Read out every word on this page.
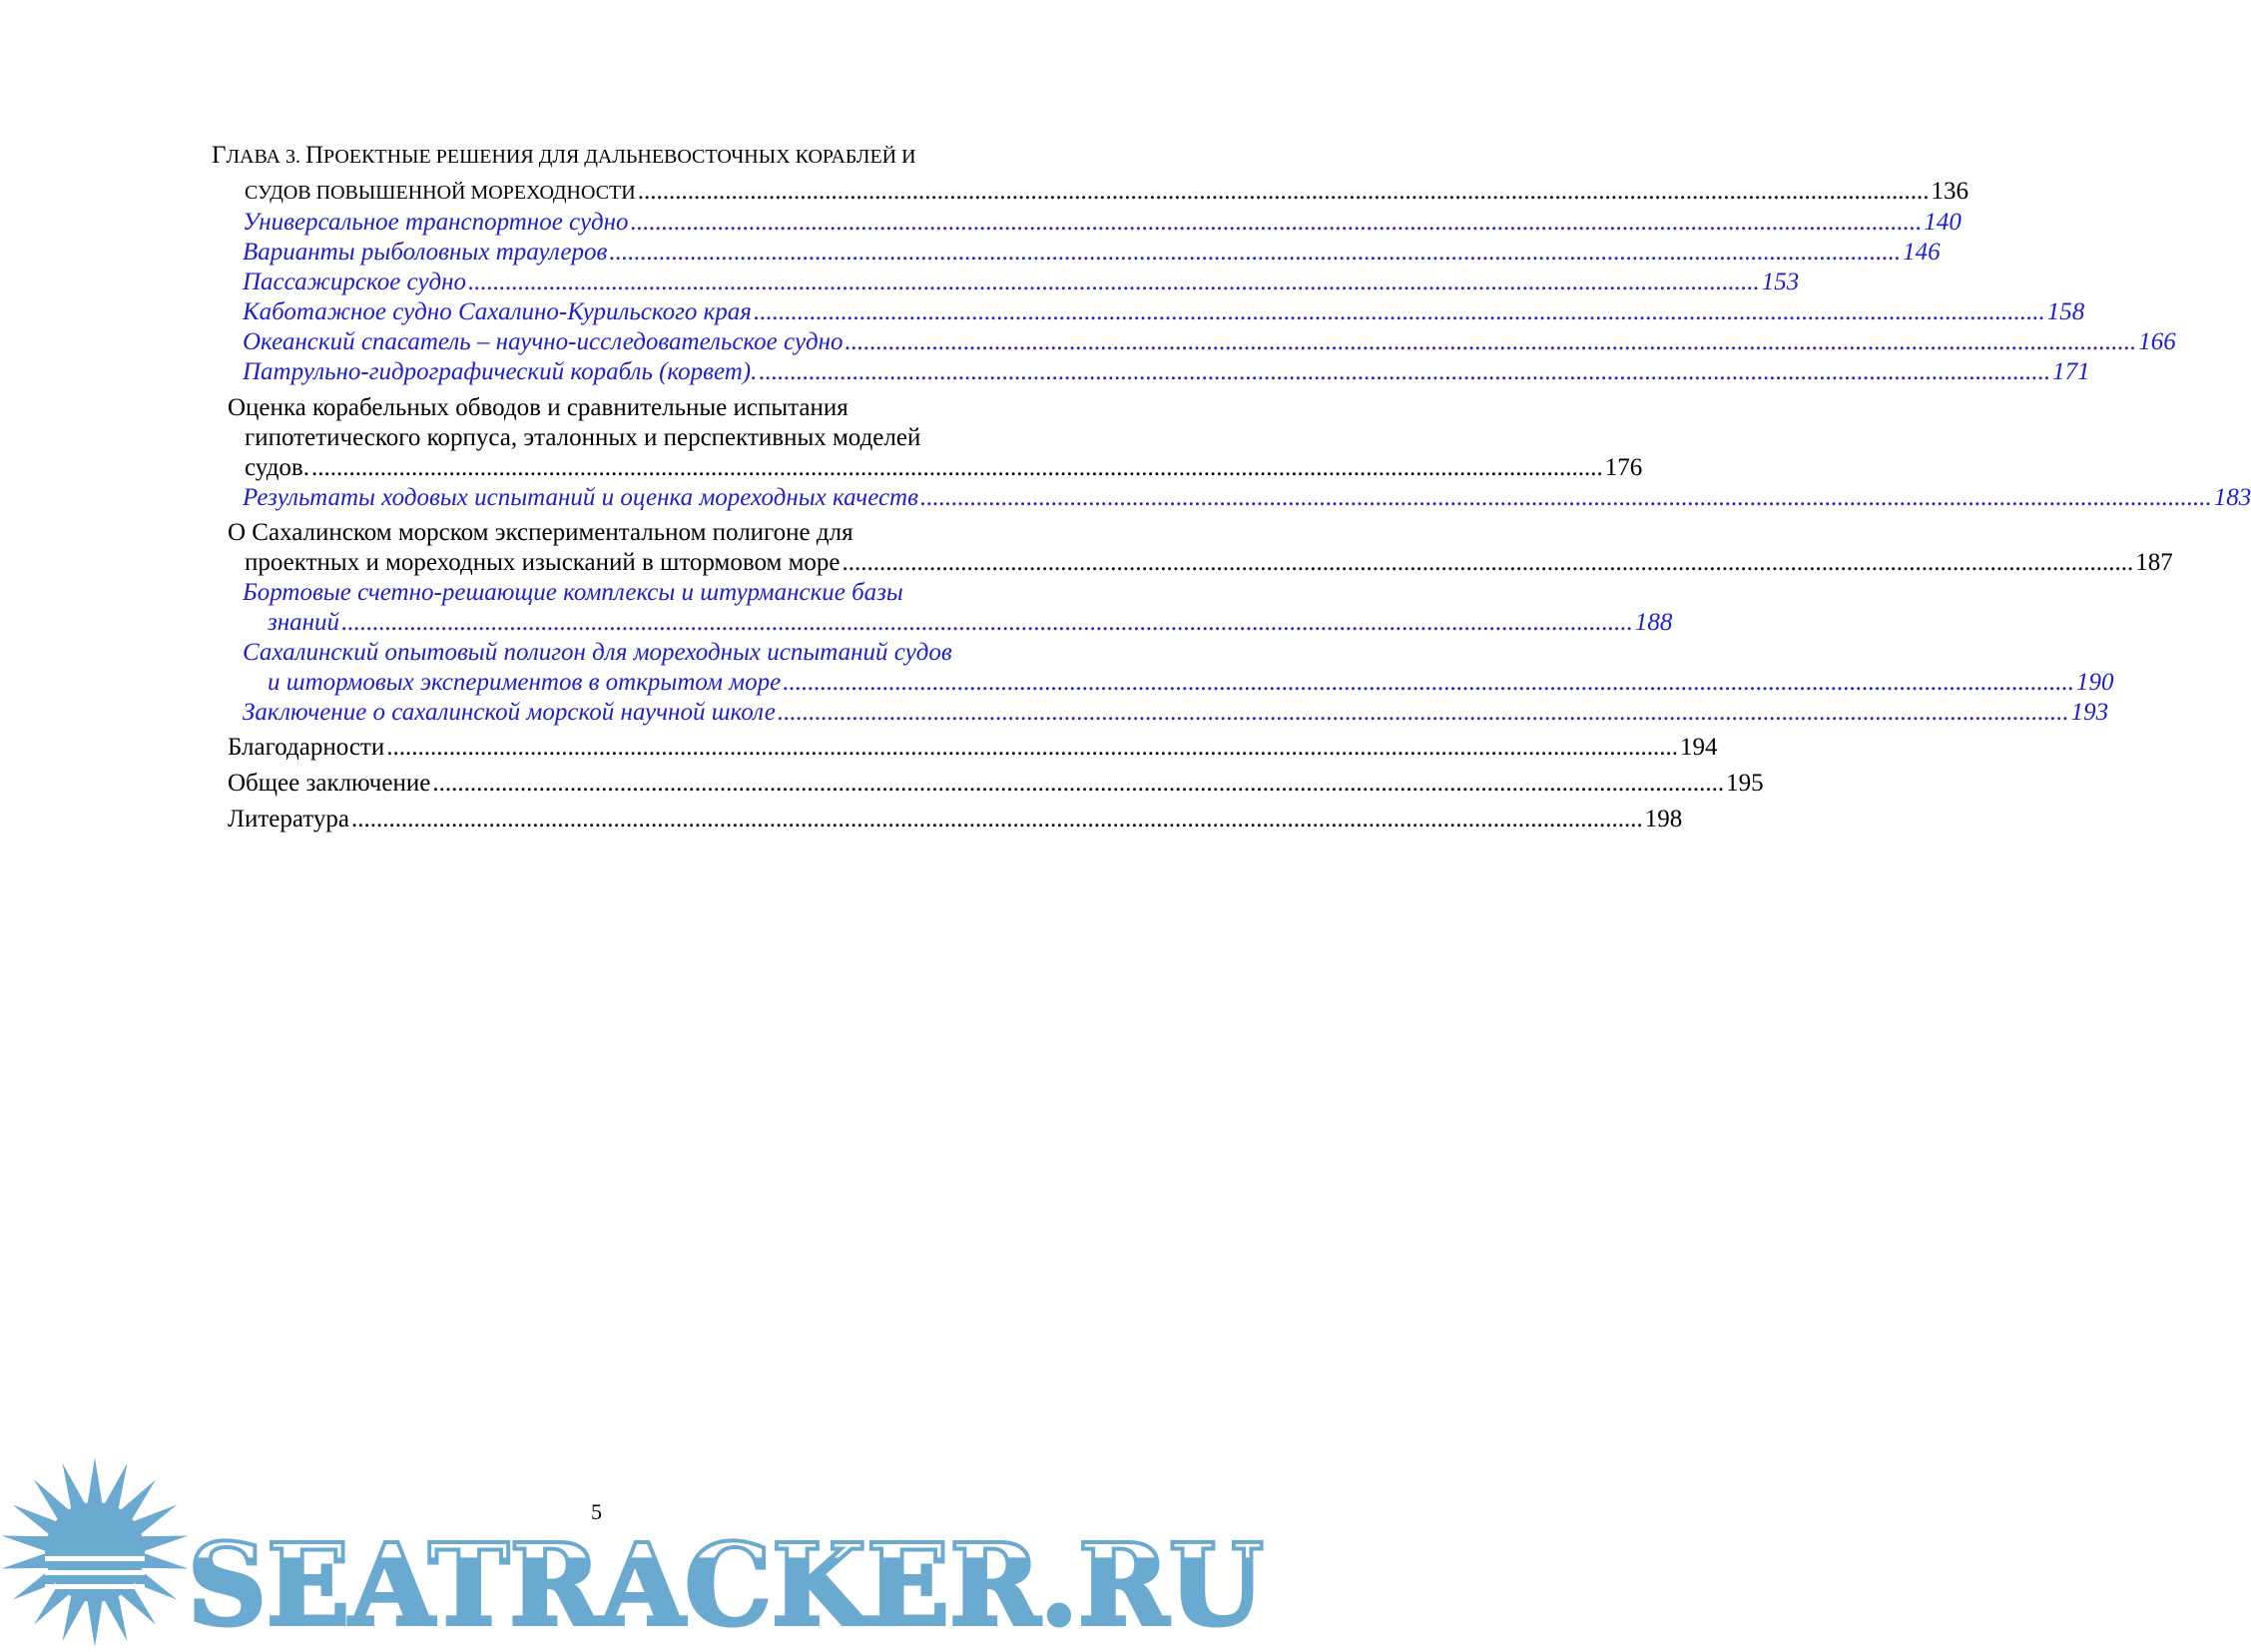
ГЛАВА 3. ПРОЕКТНЫЕ РЕШЕНИЯ ДЛЯ ДАЛЬНЕВОСТОЧНЫХ КОРАБЛЕЙ И
СУДОВ ПОВЫШЕННОЙ МОРЕХОДНОСТИ ............................................................................................................................................................................................................... 136
Универсальное транспортное судно ............................................................................................................................................................................................................... 140
Варианты рыболовных траулеров ............................................................................................................................................................................................................... 146
Пассажирское судно ............................................................................................................................................................................................................... 153
Каботажное судно Сахалино-Курильского края ............................................................................................................................................................................................................... 158
Океанский спасатель – научно-исследовательское судно ............................................................................................................................................................................................................... 166
Патрульно-гидрографический корабль (корвет). ............................................................................................................................................................................................................... 171
Оценка корабельных обводов и сравнительные испытания
гипотетического корпуса, эталонных и перспективных моделей
судов. ............................................................................................................................................................................................................... 176
Результаты ходовых испытаний и оценка мореходных качеств ............................................................................................................................................................................................................... 183
О Сахалинском морском экспериментальном полигоне для
проектных и мореходных изысканий в штормовом море ............................................................................................................................................................................................................... 187
Бортовые счетно-решающие комплексы и штурманские базы
знаний ............................................................................................................................................................................................................... 188
Сахалинский опытовый полигон для мореходных испытаний судов
и штормовых экспериментов в открытом море ............................................................................................................................................................................................................... 190
Заключение о сахалинской морской научной школе ............................................................................................................................................................................................................... 193
Благодарности ............................................................................................................................................................................................................... 194
Общее заключение ............................................................................................................................................................................................................... 195
Литература ............................................................................................................................................................................................................... 198
SEATRACKER.RU
5
